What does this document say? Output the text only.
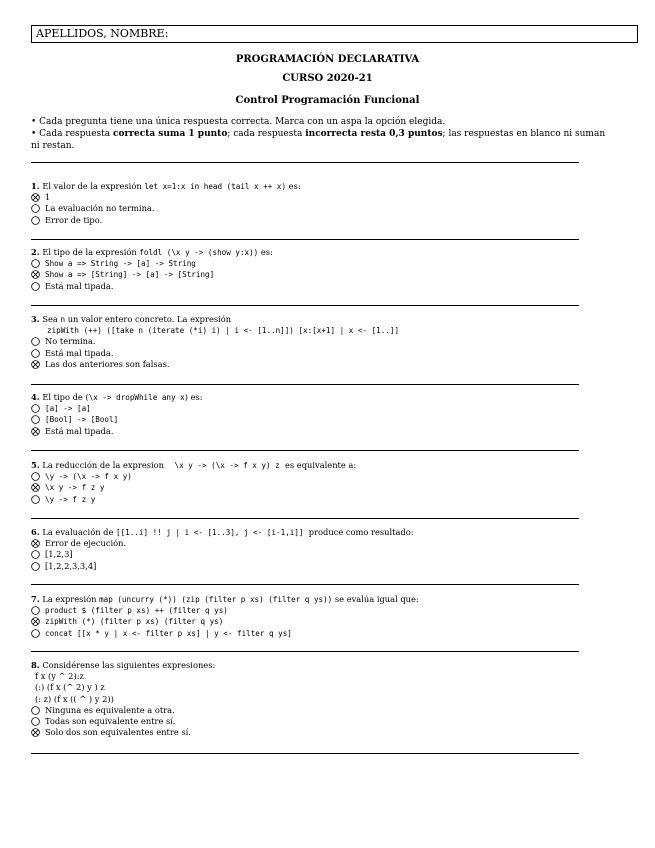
APELLIDOS, NOMBRE:
PROGRAMACIÓN DECLARATIVA
CURSO 2020-21
Control Programación Funcional
• Cada pregunta tiene una única respuesta correcta. Marca con un aspa la opción elegida.
• Cada respuesta correcta suma 1 punto; cada respuesta incorrecta resta 0,3 puntos; las respuestas en blanco ni suman ni restan.
1. El valor de la expresión let x=1:x in head (tail x ++ x) es:
1
La evaluación no termina.
Error de tipo.
2. El tipo de la expresión foldl (\x y -> (show y:x)) es:
Show a => String -> [a] -> String
Show a => [String] -> [a] -> [String]
Está mal tipada.
3. Sea n un valor entero concreto. La expresión
zipWith (++) ([take n (iterate (*i) i) | i <- [1..n]]) [x:[x+1] | x <- [1..]]
No termina.
Está mal tipada.
Las dos anteriores son falsas.
4. El tipo de (\x -> dropWhile any x) es:
[a] -> [a]
[Bool] -> [Bool]
Está mal tipada.
5. La reducción de la expresion    \x y -> (\x -> f x y) z  es equivalente a:
\y -> (\x -> f x y)
\x y -> f z y
\y -> f z y
6. La evaluación de [[1..i] !! j | i <- [1..3], j <- [i-1,i]]  produce como resultado:
Error de ejecución.
[1,2,3]
[1,2,2,3,3,4]
7. La expresión map (uncurry (*)) (zip (filter p xs) (filter q ys)) se evalúa igual que:
product $ (filter p xs) ++ (filter q ys)
zipWith (*) (filter p xs) (filter q ys)
concat [[x * y | x <- filter p xs] | y <- filter q ys]
8. Considérense las siguientes expresiones:
f x (y ^ 2):z
(:) (f x (^ 2) y ) z
(: z) (f x (( ^ ) y 2))
Ninguna es equivalente a otra.
Todas son equivalente entre sí.
Solo dos son equivalentes entre sí.
